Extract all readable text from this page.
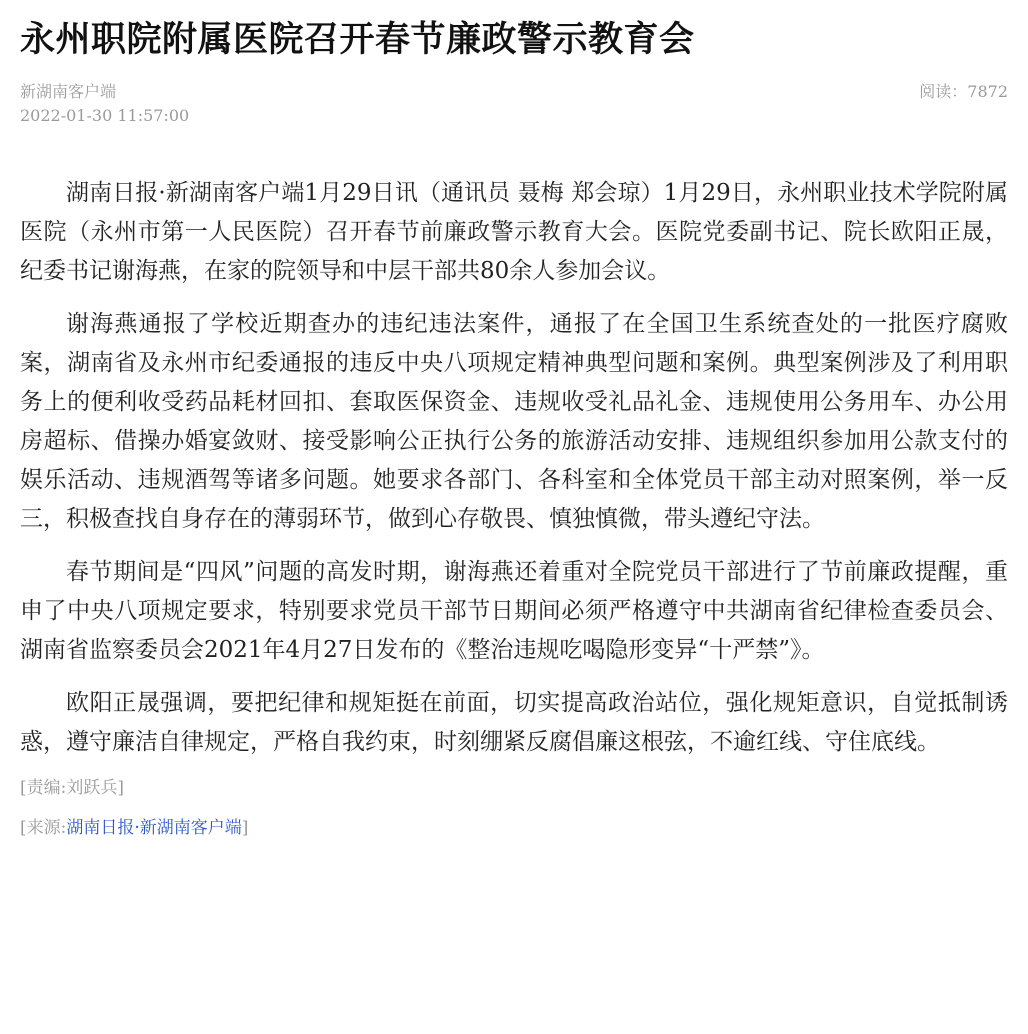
永州职院附属医院召开春节廉政警示教育会
新湖南客户端
2022-01-30 11:57:00
阅读：7872

湖南日报·新湖南客户端1月29日讯（通讯员 聂梅 郑会琼）1月29日，永州职业技术学院附属医院（永州市第一人民医院）召开春节前廉政警示教育大会。医院党委副书记、院长欧阳正晟，纪委书记谢海燕，在家的院领导和中层干部共80余人参加会议。

谢海燕通报了学校近期查办的违纪违法案件，通报了在全国卫生系统查处的一批医疗腐败案，湖南省及永州市纪委通报的违反中央八项规定精神典型问题和案例。典型案例涉及了利用职务上的便利收受药品耗材回扣、套取医保资金、违规收受礼品礼金、违规使用公务用车、办公用房超标、借操办婚宴敛财、接受影响公正执行公务的旅游活动安排、违规组织参加用公款支付的娱乐活动、违规酒驾等诸多问题。她要求各部门、各科室和全体党员干部主动对照案例，举一反三，积极查找自身存在的薄弱环节，做到心存敬畏、慎独慎微，带头遵纪守法。

春节期间是“四风”问题的高发时期，谢海燕还着重对全院党员干部进行了节前廉政提醒，重申了中央八项规定要求，特别要求党员干部节日期间必须严格遵守中共湖南省纪律检查委员会、湖南省监察委员会2021年4月27日发布的《整治违规吃喝隐形变异“十严禁”》。

欧阳正晟强调，要把纪律和规矩挺在前面，切实提高政治站位，强化规矩意识，自觉抵制诱惑，遵守廉洁自律规定，严格自我约束，时刻绷紧反腐倡廉这根弦，不逾红线、守住底线。

[责编:刘跃兵]
[来源:湖南日报·新湖南客户端]
